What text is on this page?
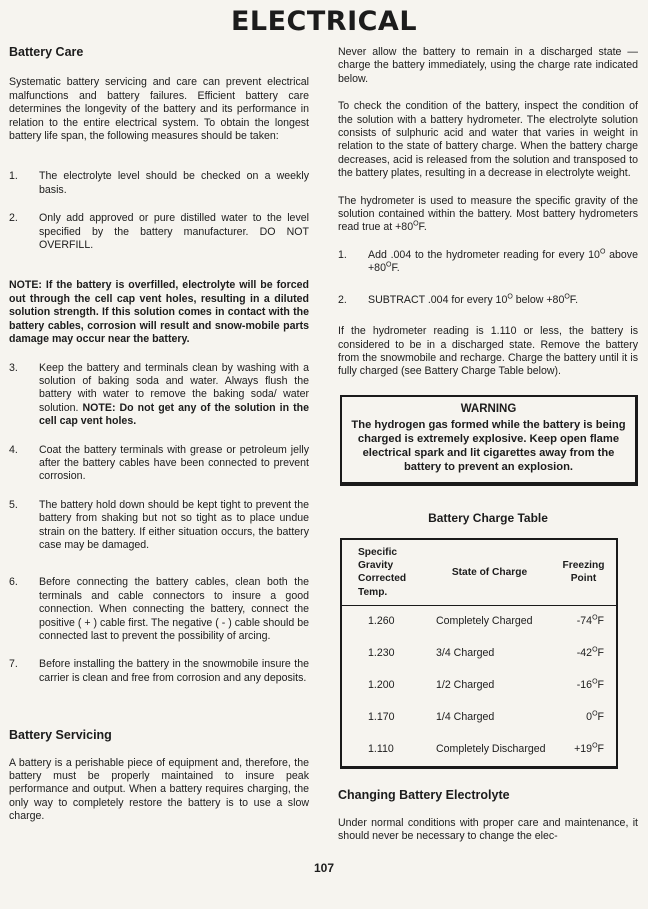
ELECTRICAL
Battery Care

Systematic battery servicing and care can prevent electrical malfunctions and battery failures. Efficient battery care determines the longevity of the battery and its performance in relation to the entire electrical system. To obtain the longest battery life span, the following measures should be taken:

1.	The electrolyte level should be checked on a weekly basis.
2.	Only add approved or pure distilled water to the level specified by the battery manufacturer. DO NOT OVERFILL.

NOTE: If the battery is overfilled, electrolyte will be forced out through the cell cap vent holes, resulting in a diluted solution strength. If this solution comes in contact with the battery cables, corrosion will result and snow-mobile parts damage may occur near the battery.

3.	Keep the battery and terminals clean by washing with a solution of baking soda and water. Always flush the battery with water to remove the baking soda/ water solution. NOTE: Do not get any of the solution in the cell cap vent holes.
4.	Coat the battery terminals with grease or petroleum jelly after the battery cables have been connected to prevent corrosion.
5.	The battery hold down should be kept tight to prevent the battery from shaking but not so tight as to place undue strain on the battery. If either situation occurs, the battery case may be damaged.
6.	Before connecting the battery cables, clean both the terminals and cable connectors to insure a good connection. When connecting the battery, connect the positive ( + ) cable first. The negative ( - ) cable should be connected last to prevent the possibility of arcing.
7.	Before installing the battery in the snowmobile insure the carrier is clean and free from corrosion and any deposits.
Battery Servicing

A battery is a perishable piece of equipment and, therefore, the battery must be properly maintained to insure peak performance and output. When a battery requires charging, the only way to completely restore the battery is to use a slow charge.

Never allow the battery to remain in a discharged state — charge the battery immediately, using the charge rate indicated below.

To check the condition of the battery, inspect the condition of the solution with a battery hydrometer. The electrolyte solution consists of sulphuric acid and water that varies in weight in relation to the state of battery charge. When the battery charge decreases, acid is released from the solution and transposed to the battery plates, resulting in a decrease in electrolyte weight.

The hydrometer is used to measure the specific gravity of the solution contained within the battery. Most battery hydrometers read true at $+80^OF$.

1.	Add .004 to the hydrometer reading for every $10^O$ above $+80^OF$.
2.	SUBTRACT .004 for every $10^O$ below $+80^OF$.

If the hydrometer reading is 1.110 or less, the battery is considered to be in a discharged state. Remove the battery from the snowmobile and recharge. Charge the battery until it is fully charged (see Battery Charge Table below).

WARNING
The hydrogen gas formed while the battery is being charged is extremely explosive. Keep open flame electrical spark and lit cigarettes away from the battery to prevent an explosion.
Battery Charge Table
Specific Gravity Corrected Temp.	State of Charge	Freezing Point
1.260	Completely Charged	$-74^OF$
1.230	3/4 Charged	$-42^OF$
1.200	1/2 Charged	$-16^OF$
1.170	1/4 Charged	$0^OF$
1.110	Completely Discharged	$+19^OF$
Changing Battery Electrolyte

Under normal conditions with proper care and maintenance, it should never be necessary to change the elec-

107
